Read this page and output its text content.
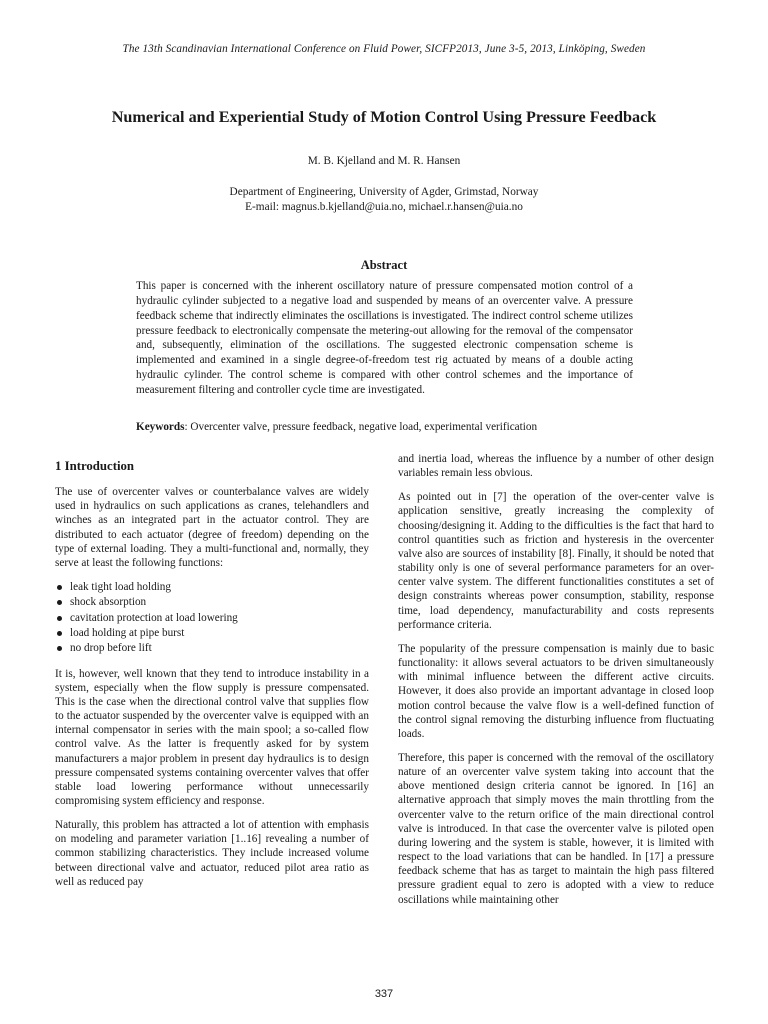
The 13th Scandinavian International Conference on Fluid Power, SICFP2013, June 3-5, 2013, Linköping, Sweden
Numerical and Experiential Study of Motion Control Using Pressure Feedback
M. B. Kjelland and M. R. Hansen
Department of Engineering, University of Agder, Grimstad, Norway
E-mail: magnus.b.kjelland@uia.no, michael.r.hansen@uia.no
Abstract

This paper is concerned with the inherent oscillatory nature of pressure compensated motion control of a hydraulic cylinder subjected to a negative load and suspended by means of an overcenter valve. A pressure feedback scheme that indirectly eliminates the oscillations is investigated. The indirect control scheme utilizes pressure feedback to electronically compensate the metering-out allowing for the removal of the compensator and, subsequently, elimination of the oscillations. The suggested electronic compensation scheme is implemented and examined in a single degree-of-freedom test rig actuated by means of a double acting hydraulic cylinder. The control scheme is compared with other control schemes and the importance of measurement filtering and controller cycle time are investigated.

Keywords: Overcenter valve, pressure feedback, negative load, experimental verification

1 Introduction

The use of overcenter valves or counterbalance valves are widely used in hydraulics on such applications as cranes, telehandlers and winches as an integrated part in the actuator control. They are distributed to each actuator (degree of freedom) depending on the type of external loading. They a multi-functional and, normally, they serve at least the following functions:

leak tight load holding
shock absorption
cavitation protection at load lowering
load holding at pipe burst
no drop before lift

It is, however, well known that they tend to introduce instability in a system, especially when the flow supply is pressure compensated. This is the case when the directional control valve that supplies flow to the actuator suspended by the overcenter valve is equipped with an internal compensator in series with the main spool; a so-called flow control valve. As the latter is frequently asked for by system manufacturers a major problem in present day hydraulics is to design pressure compensated systems containing overcenter valves that offer stable load lowering performance without unnecessarily compromising system efficiency and response.

Naturally, this problem has attracted a lot of attention with emphasis on modeling and parameter variation [1..16] revealing a number of common stabilizing characteristics. They include increased volume between directional valve and actuator, reduced pilot area ratio as well as reduced pay

and inertia load, whereas the influence by a number of other design variables remain less obvious.

As pointed out in [7] the operation of the over-center valve is application sensitive, greatly increasing the complexity of choosing/designing it. Adding to the difficulties is the fact that hard to control quantities such as friction and hysteresis in the overcenter valve also are sources of instability [8]. Finally, it should be noted that stability only is one of several performance parameters for an over-center valve system. The different functionalities constitutes a set of design constraints whereas power consumption, stability, response time, load dependency, manufacturability and costs represents performance criteria.

The popularity of the pressure compensation is mainly due to basic functionality: it allows several actuators to be driven simultaneously with minimal influence between the different active circuits. However, it does also provide an important advantage in closed loop motion control because the valve flow is a well-defined function of the control signal removing the disturbing influence from fluctuating loads.

Therefore, this paper is concerned with the removal of the oscillatory nature of an overcenter valve system taking into account that the above mentioned design criteria cannot be ignored. In [16] an alternative approach that simply moves the main throttling from the overcenter valve to the return orifice of the main directional control valve is introduced. In that case the overcenter valve is piloted open during lowering and the system is stable, however, it is limited with respect to the load variations that can be handled. In [17] a pressure feedback scheme that has as target to maintain the high pass filtered pressure gradient equal to zero is adopted with a view to reduce oscillations while maintaining other

337
